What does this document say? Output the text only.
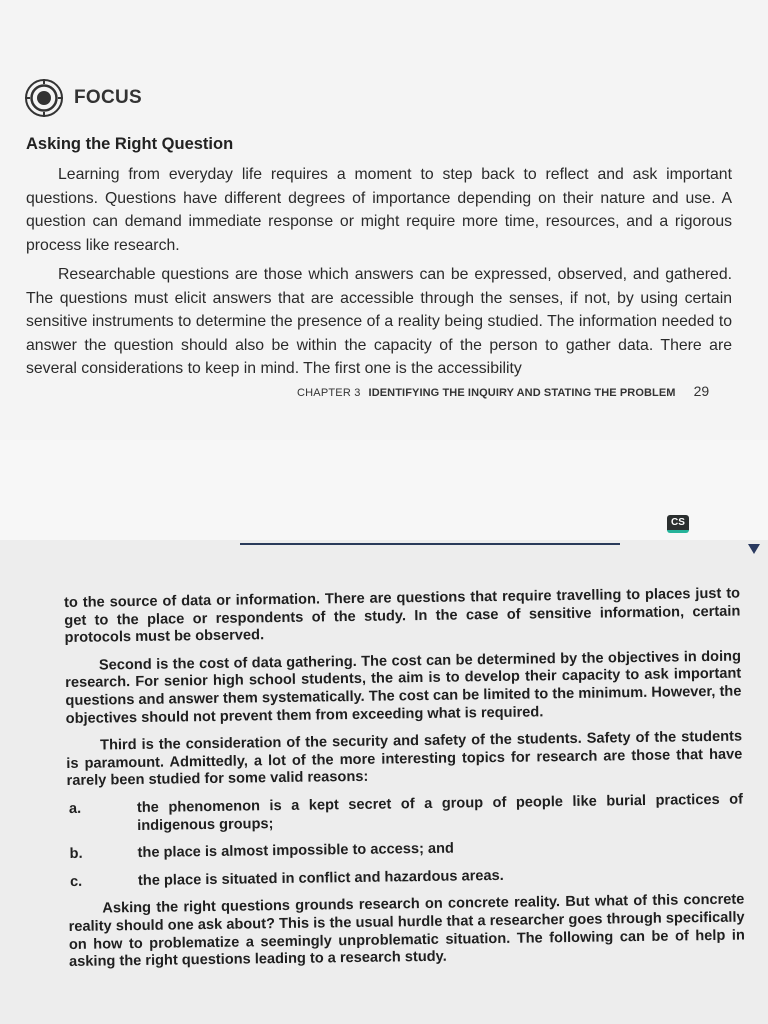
FOCUS
Asking the Right Question

Learning from everyday life requires a moment to step back to reflect and ask important questions. Questions have different degrees of importance depending on their nature and use. A question can demand immediate response or might require more time, resources, and a rigorous process like research.

Researchable questions are those which answers can be expressed, observed, and gathered. The questions must elicit answers that are accessible through the senses, if not, by using certain sensitive instruments to determine the presence of a reality being studied. The information needed to answer the question should also be within the capacity of the person to gather data. There are several considerations to keep in mind. The first one is the accessibility

CHAPTER 3 IDENTIFYING THE INQUIRY AND STATING THE PROBLEM 29
CS

to the source of data or information. There are questions that require travelling to places just to get to the place or respondents of the study. In the case of sensitive information, certain protocols must be observed.

Second is the cost of data gathering. The cost can be determined by the objectives in doing research. For senior high school students, the aim is to develop their capacity to ask important questions and answer them systematically. The cost can be limited to the minimum. However, the objectives should not prevent them from exceeding what is required.

Third is the consideration of the security and safety of the students. Safety of the students is paramount. Admittedly, a lot of the more interesting topics for research are those that have rarely been studied for some valid reasons:

a.	the phenomenon is a kept secret of a group of people like burial practices of indigenous groups;
b.	the place is almost impossible to access; and
c.	the place is situated in conflict and hazardous areas.

Asking the right questions grounds research on concrete reality. But what of this concrete reality should one ask about? This is the usual hurdle that a researcher goes through specifically on how to problematize a seemingly unproblematic situation. The following can be of help in asking the right questions leading to a research study.
